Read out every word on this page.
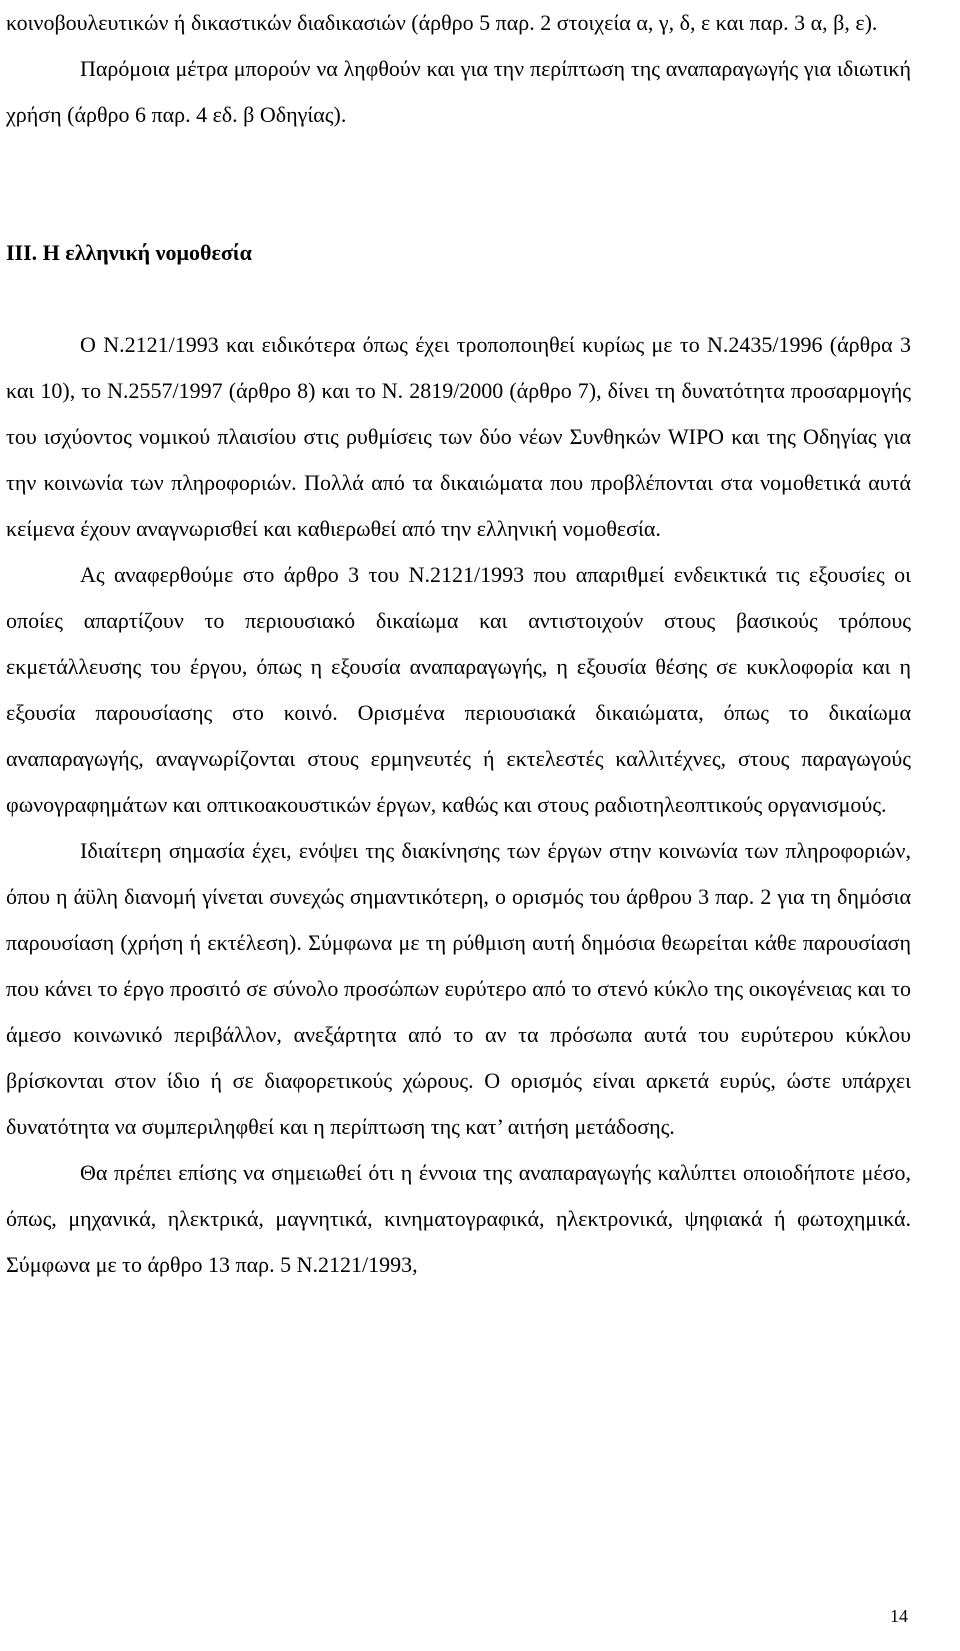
κοινοβουλευτικών ή δικαστικών διαδικασιών (άρθρο 5 παρ. 2 στοιχεία α, γ, δ, ε και παρ. 3 α, β, ε).

Παρόμοια μέτρα μπορούν να ληφθούν και για την περίπτωση της αναπαραγωγής για ιδιωτική χρήση (άρθρο 6 παρ. 4 εδ. β Οδηγίας).

III. Η ελληνική νομοθεσία

Ο Ν.2121/1993 και ειδικότερα όπως έχει τροποποιηθεί κυρίως με το Ν.2435/1996 (άρθρα 3 και 10), το Ν.2557/1997 (άρθρο 8) και το Ν. 2819/2000 (άρθρο 7), δίνει τη δυνατότητα προσαρμογής του ισχύοντος νομικού πλαισίου στις ρυθμίσεις των δύο νέων Συνθηκών WIPO και της Οδηγίας για την κοινωνία των πληροφοριών. Πολλά από τα δικαιώματα που προβλέπονται στα νομοθετικά αυτά κείμενα έχουν αναγνωρισθεί και καθιερωθεί από την ελληνική νομοθεσία.

Ας αναφερθούμε στο άρθρο 3 του Ν.2121/1993 που απαριθμεί ενδεικτικά τις εξουσίες οι οποίες απαρτίζουν το περιουσιακό δικαίωμα και αντιστοιχούν στους βασικούς τρόπους εκμετάλλευσης του έργου, όπως η εξουσία αναπαραγωγής, η εξουσία θέσης σε κυκλοφορία και η εξουσία παρουσίασης στο κοινό. Ορισμένα περιουσιακά δικαιώματα, όπως το δικαίωμα αναπαραγωγής, αναγνωρίζονται στους ερμηνευτές ή εκτελεστές καλλιτέχνες, στους παραγωγούς φωνογραφημάτων και οπτικοακουστικών έργων, καθώς και στους ραδιοτηλεοπτικούς οργανισμούς.

Ιδιαίτερη σημασία έχει, ενόψει της διακίνησης των έργων στην κοινωνία των πληροφοριών, όπου η άϋλη διανομή γίνεται συνεχώς σημαντικότερη, ο ορισμός του άρθρου 3 παρ. 2 για τη δημόσια παρουσίαση (χρήση ή εκτέλεση). Σύμφωνα με τη ρύθμιση αυτή δημόσια θεωρείται κάθε παρουσίαση που κάνει το έργο προσιτό σε σύνολο προσώπων ευρύτερο από το στενό κύκλο της οικογένειας και το άμεσο κοινωνικό περιβάλλον, ανεξάρτητα από το αν τα πρόσωπα αυτά του ευρύτερου κύκλου βρίσκονται στον ίδιο ή σε διαφορετικούς χώρους. Ο ορισμός είναι αρκετά ευρύς, ώστε υπάρχει δυνατότητα να συμπεριληφθεί και η περίπτωση της κατ’ αιτήση μετάδοσης.

Θα πρέπει επίσης να σημειωθεί ότι η έννοια της αναπαραγωγής καλύπτει οποιοδήποτε μέσο, όπως, μηχανικά, ηλεκτρικά, μαγνητικά, κινηματογραφικά, ηλεκτρονικά, ψηφιακά ή φωτοχημικά. Σύμφωνα με το άρθρο 13 παρ. 5 Ν.2121/1993,

14
